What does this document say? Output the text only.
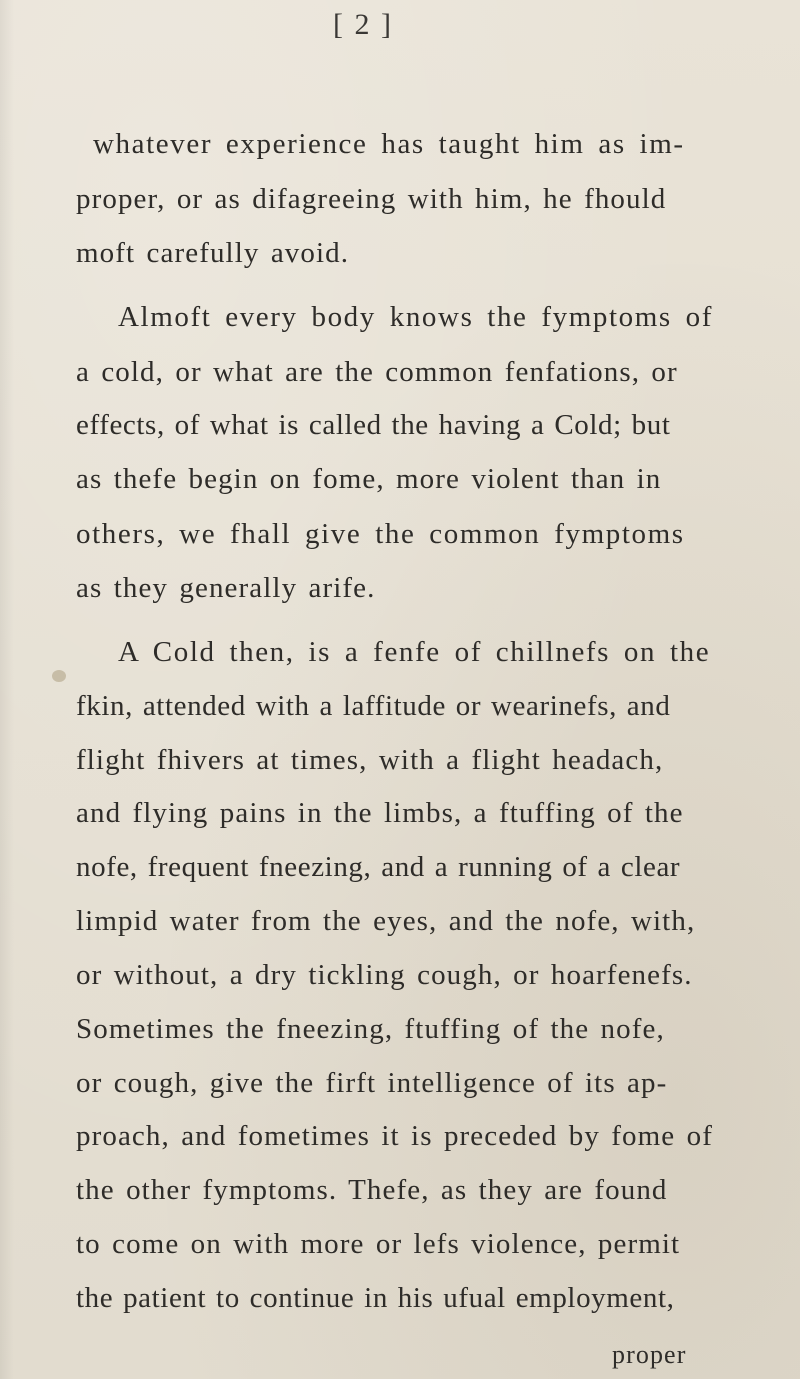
[ 2 ]
whatever experience has taught him as im-
proper, or as difagreeing with him, he fhould
moft carefully avoid.
Almoft every body knows the fymptoms of
a cold, or what are the common fenfations, or
effects, of what is called the having a Cold; but
as thefe begin on fome, more violent than in
others, we fhall give the common fymptoms
as they generally arife.
A Cold then, is a fenfe of chillnefs on the
fkin, attended with a laffitude or wearinefs, and
flight fhivers at times, with a flight headach,
and flying pains in the limbs, a ftuffing of the
nofe, frequent fneezing, and a running of a clear
limpid water from the eyes, and the nofe, with,
or without, a dry tickling cough, or hoarfenefs.
Sometimes the fneezing, ftuffing of the nofe,
or cough, give the firft intelligence of its ap-
proach, and fometimes it is preceded by fome of
the other fymptoms. Thefe, as they are found
to come on with more or lefs violence, permit
the patient to continue in his ufual employment,
proper
